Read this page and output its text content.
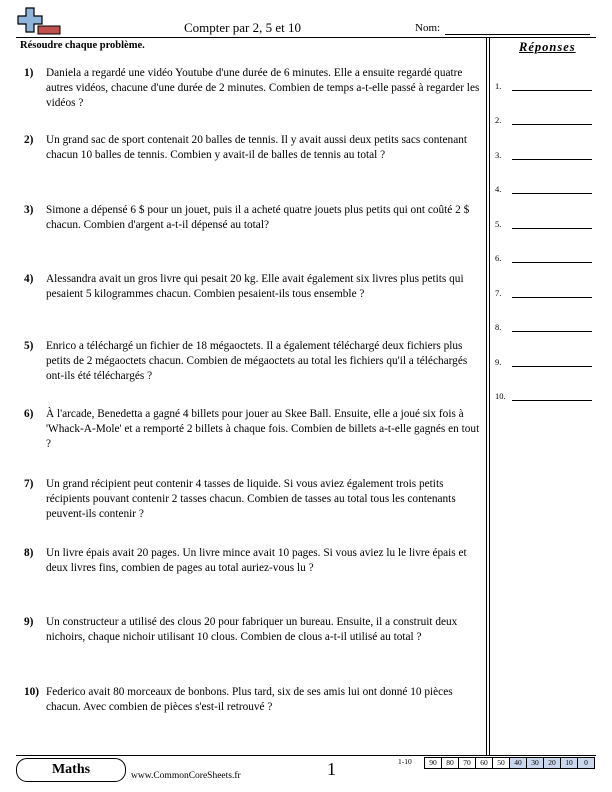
Compter par 2, 5 et 10	Nom:
Résoudre chaque problème.
1)	Daniela a regardé une vidéo Youtube d'une durée de 6 minutes. Elle a ensuite regardé quatre autres vidéos, chacune d'une durée de 2 minutes. Combien de temps a-t-elle passé à regarder les vidéos ?
2)	Un grand sac de sport contenait 20 balles de tennis. Il y avait aussi deux petits sacs contenant chacun 10 balles de tennis. Combien y avait-il de balles de tennis au total ?
3)	Simone a dépensé 6 $ pour un jouet, puis il a acheté quatre jouets plus petits qui ont coûté 2 $ chacun. Combien d'argent a-t-il dépensé au total?
4)	Alessandra avait un gros livre qui pesait 20 kg. Elle avait également six livres plus petits qui pesaient 5 kilogrammes chacun. Combien pesaient-ils tous ensemble ?
5)	Enrico a téléchargé un fichier de 18 mégaoctets. Il a également téléchargé deux fichiers plus petits de 2 mégaoctets chacun. Combien de mégaoctets au total les fichiers qu'il a téléchargés ont-ils été téléchargés ?
6)	À l'arcade, Benedetta a gagné 4 billets pour jouer au Skee Ball. Ensuite, elle a joué six fois à 'Whack-A-Mole' et a remporté 2 billets à chaque fois. Combien de billets a-t-elle gagnés en tout ?
7)	Un grand récipient peut contenir 4 tasses de liquide. Si vous aviez également trois petits récipients pouvant contenir 2 tasses chacun. Combien de tasses au total tous les contenants peuvent-ils contenir ?
8)	Un livre épais avait 20 pages. Un livre mince avait 10 pages. Si vous aviez lu le livre épais et deux livres fins, combien de pages au total auriez-vous lu ?
9)	Un constructeur a utilisé des clous 20 pour fabriquer un bureau. Ensuite, il a construit deux nichoirs, chaque nichoir utilisant 10 clous. Combien de clous a-t-il utilisé au total ?
10) Federico avait 80 morceaux de bonbons. Plus tard, six de ses amis lui ont donné 10 pièces chacun. Avec combien de pièces s'est-il retrouvé ?
Réponses
1.
2.
3.
4.
5.
6.
7.
8.
9.
10.
Maths	www.CommonCoreSheets.fr	1	1-10	90	80	70	60	50	40	30	20	10	0
